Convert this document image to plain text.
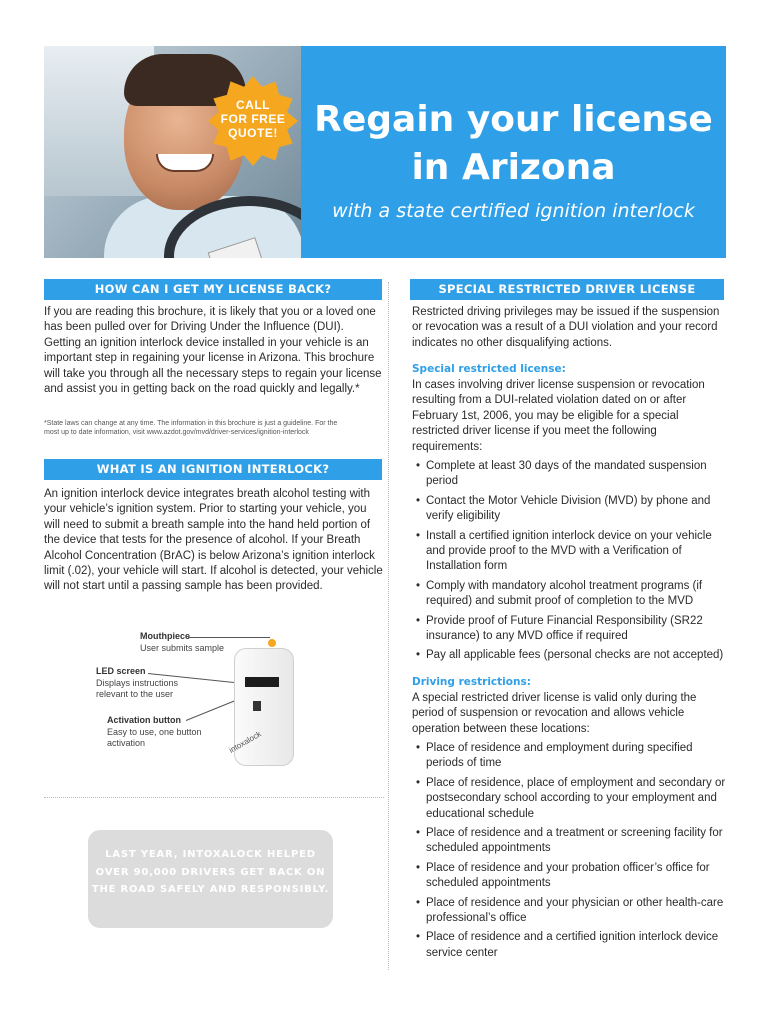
Regain your license
in Arizona
with a state certified ignition interlock
CALL
FOR FREE
QUOTE!
HOW CAN I GET MY LICENSE BACK?
If you are reading this brochure, it is likely that you or a loved one has been pulled over for Driving Under the Influence (DUI). Getting an ignition interlock device installed in your vehicle is an important step in regaining your license in Arizona. This brochure will take you through all the necessary steps to regain your license and assist you in getting back on the road quickly and legally.*
*State laws can change at any time. The information in this brochure is just a guideline. For the most up to date information, visit www.azdot.gov/mvd/driver-services/ignition-interlock
WHAT IS AN IGNITION INTERLOCK?
An ignition interlock device integrates breath alcohol testing with your vehicle’s ignition system. Prior to starting your vehicle, you will need to submit a breath sample into the hand held portion of the device that tests for the presence of alcohol. If your Breath Alcohol Concentration (BrAC) is below Arizona’s ignition interlock limit (.02), your vehicle will start. If alcohol is detected, your vehicle will not start until a passing sample has been provided.
Mouthpiece
User submits sample
LED screen
Displays instructions relevant to the user
Activation button
Easy to use, one button activation	intoxalock
LAST YEAR, INTOXALOCK HELPED OVER 90,000 DRIVERS GET BACK ON THE ROAD SAFELY AND RESPONSIBLY.
SPECIAL RESTRICTED DRIVER LICENSE
Restricted driving privileges may be issued if the suspension or revocation was a result of a DUI violation and your record indicates no other disqualifying actions.
Special restricted license:
In cases involving driver license suspension or revocation resulting from a DUI-related violation dated on or after February 1st, 2006, you may be eligible for a special restricted driver license if you meet the following requirements:
• Complete at least 30 days of the mandated suspension period
• Contact the Motor Vehicle Division (MVD) by phone and verify eligibility
• Install a certified ignition interlock device on your vehicle and provide proof to the MVD with a Verification of Installation form
• Comply with mandatory alcohol treatment programs (if required) and submit proof of completion to the MVD
• Provide proof of Future Financial Responsibility (SR22 insurance) to any MVD office if required
• Pay all applicable fees (personal checks are not accepted)
Driving restrictions:
A special restricted driver license is valid only during the period of suspension or revocation and allows vehicle operation between these locations:
• Place of residence and employment during specified periods of time
• Place of residence, place of employment and secondary or postsecondary school according to your employment and educational schedule
• Place of residence and a treatment or screening facility for scheduled appointments
• Place of residence and your probation officer’s office for scheduled appointments
• Place of residence and your physician or other health-care professional’s office
• Place of residence and a certified ignition interlock device service center
